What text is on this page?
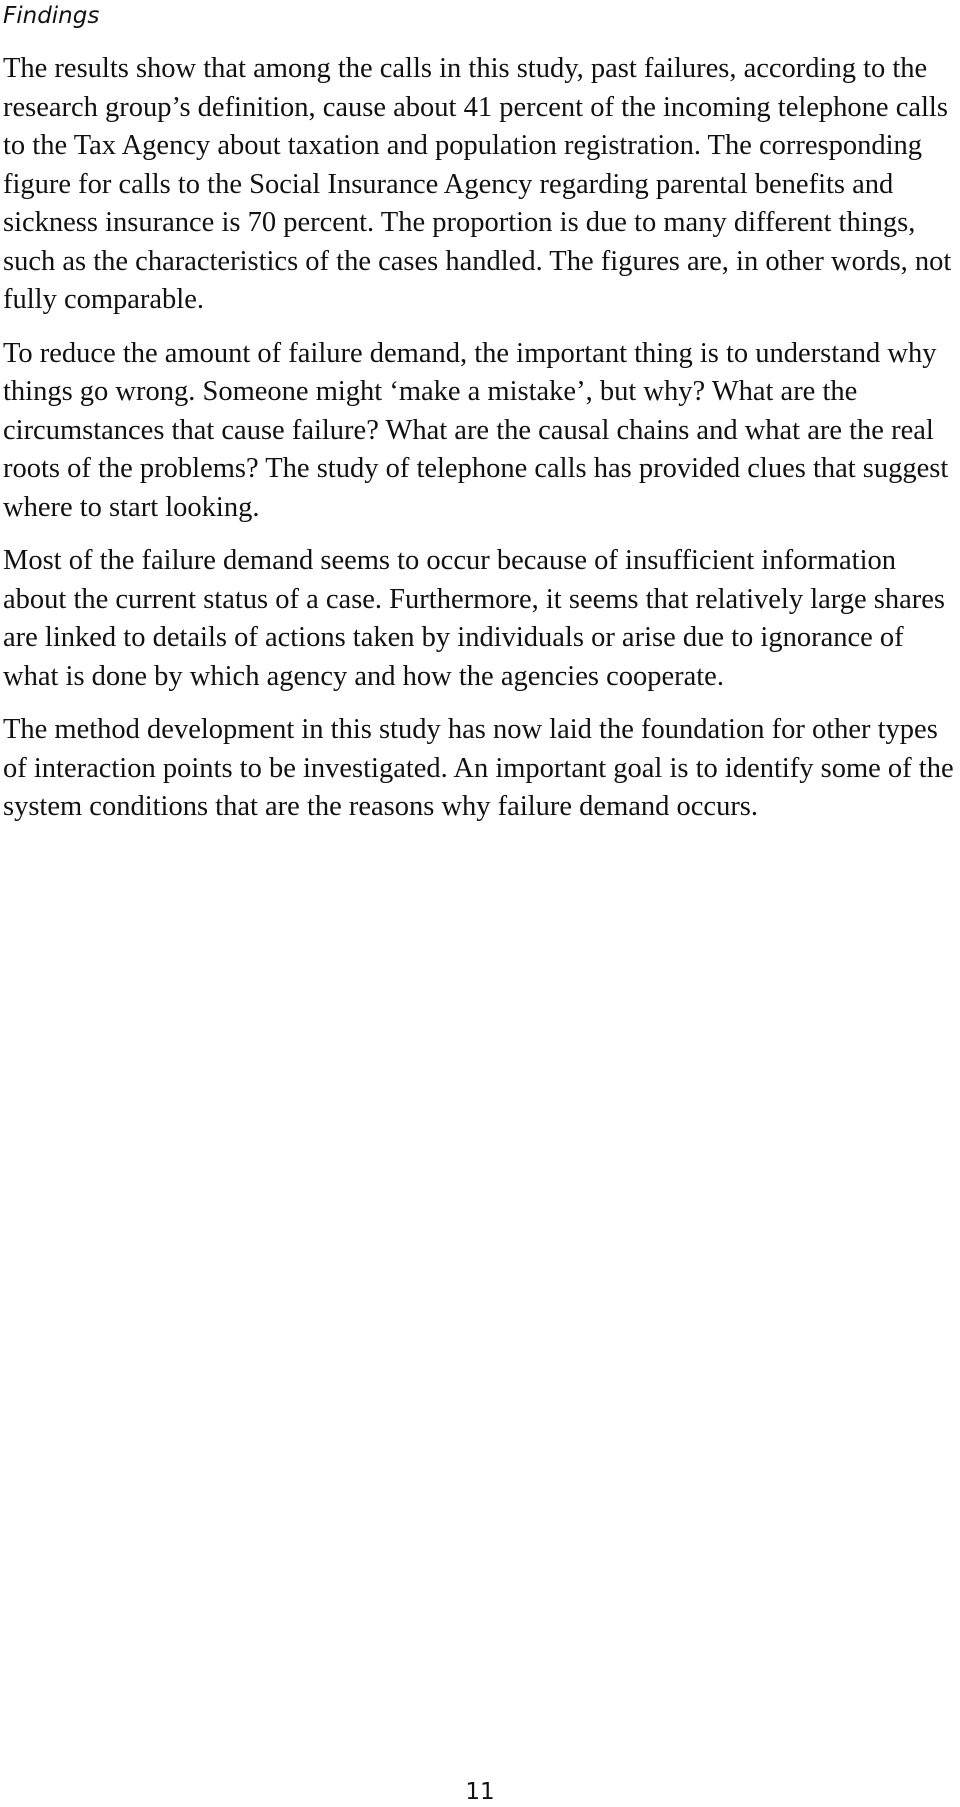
Findings

The results show that among the calls in this study, past failures, according to the research group’s definition, cause about 41 percent of the incoming telephone calls to the Tax Agency about taxation and population registration. The corresponding figure for calls to the Social Insurance Agency regarding parental benefits and sickness insurance is 70 percent. The proportion is due to many different things, such as the characteristics of the cases handled. The figures are, in other words, not fully comparable.

To reduce the amount of failure demand, the important thing is to understand why things go wrong. Someone might ‘make a mistake’, but why? What are the circumstances that cause failure? What are the causal chains and what are the real roots of the problems? The study of telephone calls has provided clues that suggest where to start looking.

Most of the failure demand seems to occur because of insufficient information about the current status of a case. Furthermore, it seems that relatively large shares are linked to details of actions taken by individuals or arise due to ignorance of what is done by which agency and how the agencies cooperate.

The method development in this study has now laid the foundation for other types of interaction points to be investigated. An important goal is to identify some of the system conditions that are the reasons why failure demand occurs.

11
